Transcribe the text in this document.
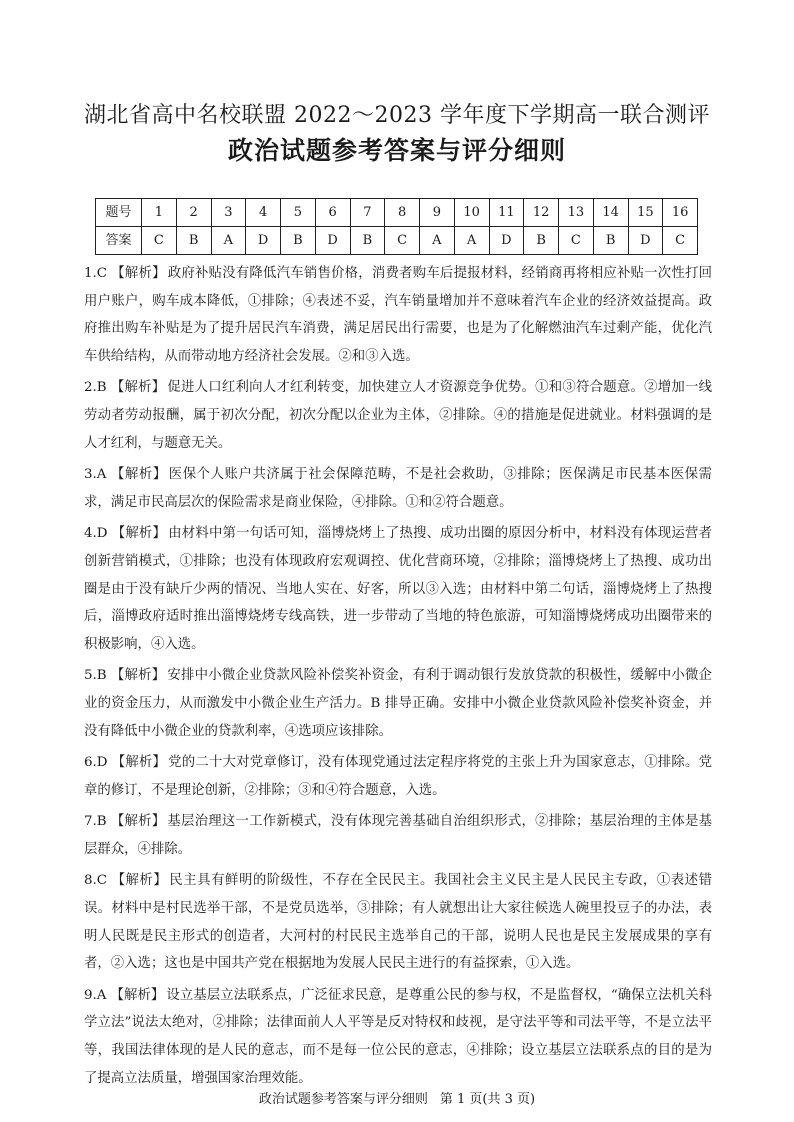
湖北省高中名校联盟 2022～2023 学年度下学期高一联合测评
政治试题参考答案与评分细则
题号	1	2	3	4	5	6	7	8	9	10	11	12	13	14	15	16
答案	C	B	A	D	B	D	B	C	A	A	D	B	C	B	D	C

1.C 【解析】 政府补贴没有降低汽车销售价格，消费者购车后提报材料，经销商再将相应补贴一次性打回用户账户，购车成本降低，①排除；④表述不妥，汽车销量增加并不意味着汽车企业的经济效益提高。政府推出购车补贴是为了提升居民汽车消费，满足居民出行需要，也是为了化解燃油汽车过剩产能，优化汽车供给结构，从而带动地方经济社会发展。②和③入选。

2.B 【解析】 促进人口红利向人才红利转变，加快建立人才资源竞争优势。①和③符合题意。②增加一线劳动者劳动报酬，属于初次分配，初次分配以企业为主体，②排除。④的措施是促进就业。材料强调的是人才红利，与题意无关。

3.A 【解析】 医保个人账户共济属于社会保障范畴，不是社会救助，③排除；医保满足市民基本医保需求，满足市民高层次的保险需求是商业保险，④排除。①和②符合题意。

4.D 【解析】 由材料中第一句话可知，淄博烧烤上了热搜、成功出圈的原因分析中，材料没有体现运营者创新营销模式，①排除；也没有体现政府宏观调控、优化营商环境，②排除；淄博烧烤上了热搜、成功出圈是由于没有缺斤少两的情况、当地人实在、好客，所以③入选；由材料中第二句话，淄博烧烤上了热搜后，淄博政府适时推出淄博烧烤专线高铁，进一步带动了当地的特色旅游，可知淄博烧烤成功出圈带来的积极影响，④入选。

5.B 【解析】 安排中小微企业贷款风险补偿奖补资金，有利于调动银行发放贷款的积极性，缓解中小微企业的资金压力，从而激发中小微企业生产活力。B 排导正确。安排中小微企业贷款风险补偿奖补资金，并没有降低中小微企业的贷款利率，④选项应该排除。

6.D 【解析】 党的二十大对党章修订，没有体现党通过法定程序将党的主张上升为国家意志，①排除。党章的修订，不是理论创新，②排除；③和④符合题意，入选。

7.B 【解析】 基层治理这一工作新模式，没有体现完善基础自治组织形式，②排除；基层治理的主体是基层群众，④排除。

8.C 【解析】 民主具有鲜明的阶级性，不存在全民民主。我国社会主义民主是人民民主专政，①表述错误。材料中是村民选举干部，不是党员选举，③排除；有人就想出让大家往候选人碗里投豆子的办法，表明人民既是民主形式的创造者，大河村的村民民主选举自己的干部，说明人民也是民主发展成果的享有者，②入选；这也是中国共产党在根据地为发展人民民主进行的有益探索，①入选。

9.A 【解析】 设立基层立法联系点，广泛征求民意，是尊重公民的参与权，不是监督权，“确保立法机关科学立法”说法太绝对，②排除；法律面前人人平等是反对特权和歧视，是守法平等和司法平等，不是立法平等，我国法律体现的是人民的意志，而不是每一位公民的意志，④排除；设立基层立法联系点的目的是为了提高立法质量，增强国家治理效能。

政治试题参考答案与评分细则 第 1 页(共 3 页)
